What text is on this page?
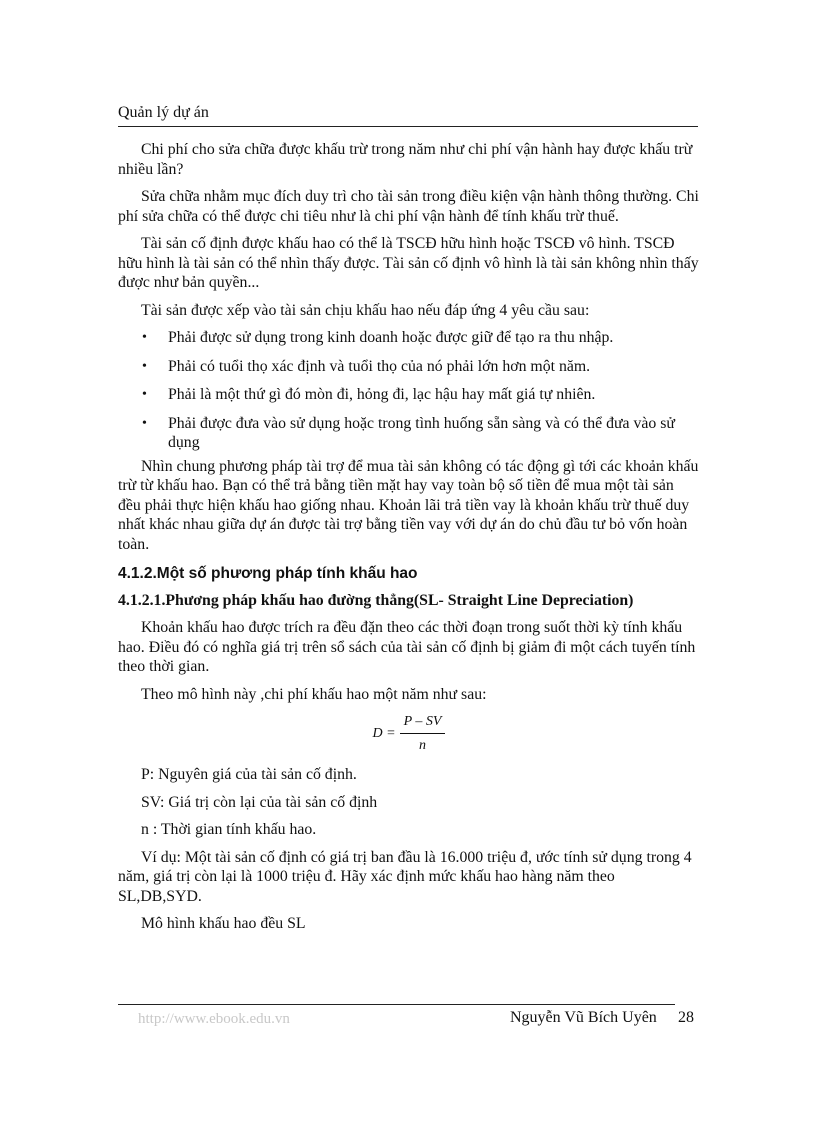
Quản lý dự án

Chi phí cho sửa chữa được khấu trừ trong năm như chi phí vận hành hay được khấu trừ nhiều lần?

Sửa chữa nhằm mục đích duy trì cho tài sản trong điều kiện vận hành thông thường. Chi phí sửa chữa có thể được chi tiêu như là chi phí vận hành để tính khấu trừ thuế.

Tài sản cố định được khấu hao có thể là TSCĐ hữu hình hoặc TSCĐ vô hình. TSCĐ hữu hình là tài sản có thể nhìn thấy được. Tài sản cố định vô hình là tài sản không nhìn thấy được như bản quyền...

Tài sản được xếp vào tài sản chịu khấu hao nếu đáp ứng 4 yêu cầu sau:

• Phải được sử dụng trong kinh doanh hoặc được giữ để tạo ra thu nhập.
• Phải có tuổi thọ xác định và tuổi thọ của nó phải lớn hơn một năm.
• Phải là một thứ gì đó mòn đi, hỏng đi, lạc hậu hay mất giá tự nhiên.
• Phải được đưa vào sử dụng hoặc trong tình huống sẵn sàng và có thể đưa vào sử dụng

Nhìn chung phương pháp tài trợ để mua tài sản không có tác động gì tới các khoản khấu trừ từ khấu hao. Bạn có thể trả bằng tiền mặt hay vay toàn bộ số tiền để mua một tài sản đều phải thực hiện khấu hao giống nhau. Khoản lãi trả tiền vay là khoản khấu trừ thuế duy nhất khác nhau giữa dự án được tài trợ bằng tiền vay với dự án do chủ đầu tư bỏ vốn hoàn toàn.

4.1.2.Một số phương pháp tính khấu hao
4.1.2.1.Phương pháp khấu hao đường thẳng(SL- Straight Line Depreciation)

Khoản khấu hao được trích ra đều đặn theo các thời đoạn trong suốt thời kỳ tính khấu hao. Điều đó có nghĩa giá trị trên sổ sách của tài sản cố định bị giảm đi một cách tuyến tính theo thời gian.

Theo mô hình này ,chi phí khấu hao một năm như sau:

$D = \frac{P - SV}{n}$

P: Nguyên giá của tài sản cố định.

SV: Giá trị còn lại của tài sản cố định

n : Thời gian tính khấu hao.

Ví dụ: Một tài sản cố định có giá trị ban đầu là 16.000 triệu đ, ước tính sử dụng trong 4 năm, giá trị còn lại là 1000 triệu đ. Hãy xác định mức khấu hao hàng năm theo SL,DB,SYD.

Mô hình khấu hao đều SL

http://www.ebook.edu.vn	Nguyễn Vũ Bích Uyên 28
